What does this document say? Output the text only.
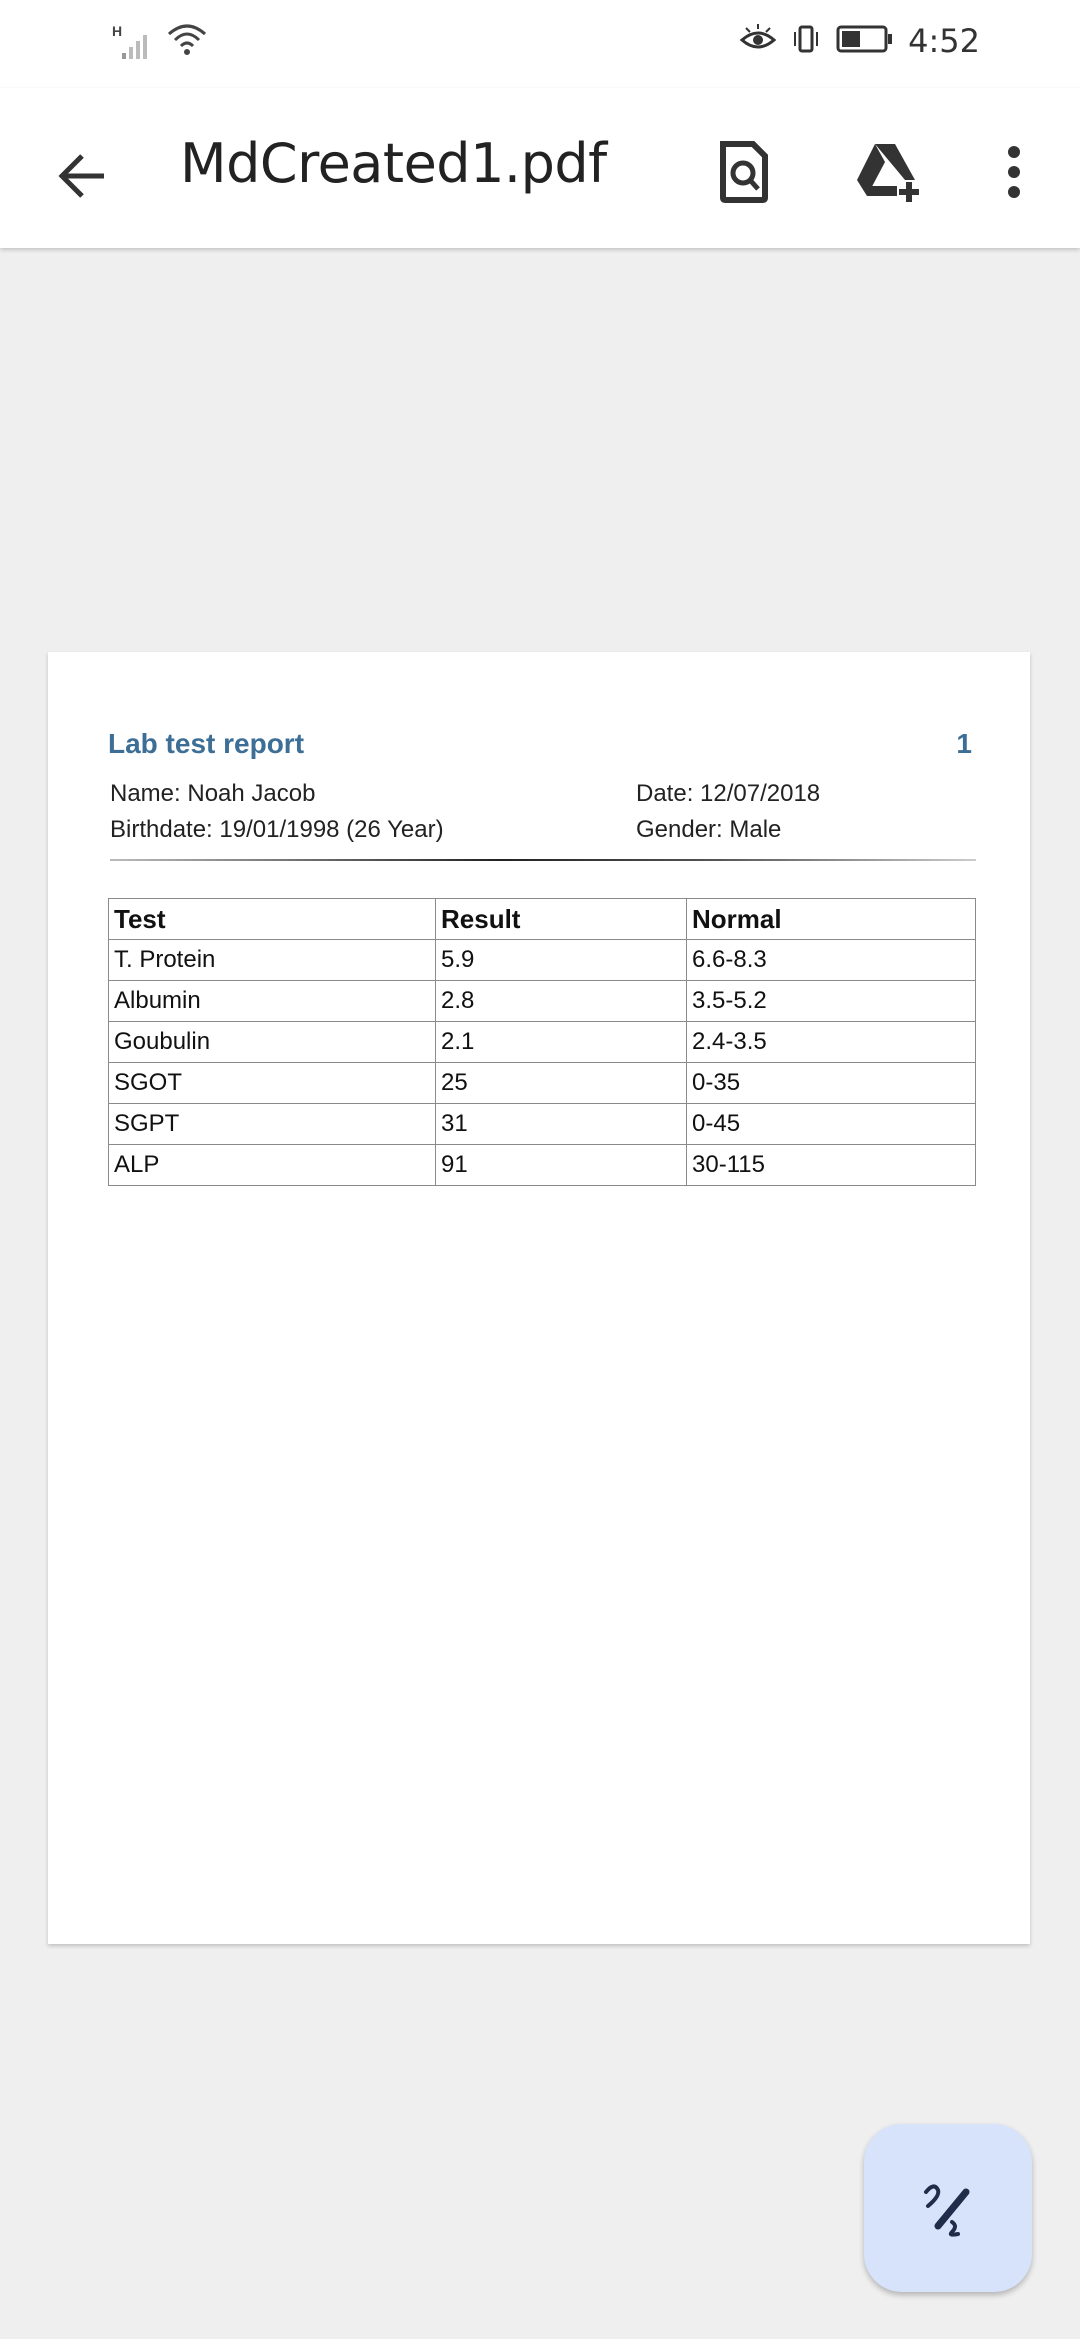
H	4:52
MdCreated1.pdf
Lab test report	1
Name: Noah Jacob
Birthdate: 19/01/1998 (26 Year)
Date: 12/07/2018
Gender: Male
Test	Result	Normal
T. Protein	5.9	6.6-8.3
Albumin	2.8	3.5-5.2
Goubulin	2.1	2.4-3.5
SGOT	25	0-35
SGPT	31	0-45
ALP	91	30-115
